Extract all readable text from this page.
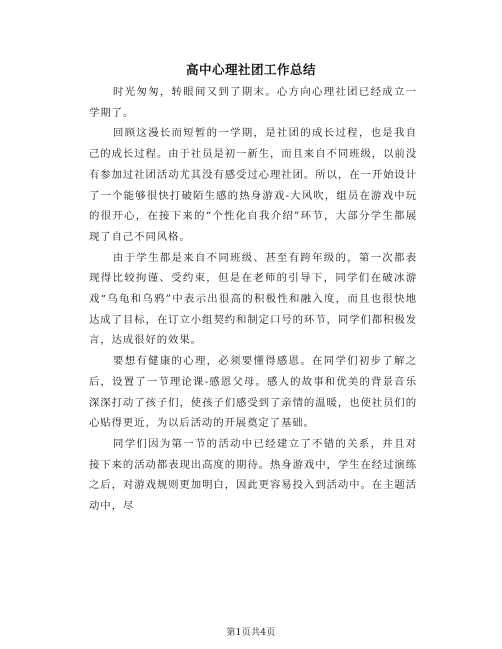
高中心理社团工作总结

时光匆匆，转眼间又到了期末。心方向心理社团已经成立一学期了。

回顾这漫长而短暂的一学期，是社团的成长过程，也是我自己的成长过程。由于社员是初一新生，而且来自不同班级，以前没有参加过社团活动尤其没有感受过心理社团。所以，在一开始设计了一个能够很快打破陌生感的热身游戏-大风吹，组员在游戏中玩的很开心，在接下来的“个性化自我介绍”环节，大部分学生都展现了自己不同风格。

由于学生都是来自不同班级、甚至有跨年级的，第一次都表现得比较拘谨、受约束，但是在老师的引导下，同学们在破冰游戏“乌龟和乌鸦”中表示出很高的积极性和融入度，而且也很快地达成了目标，在订立小组契约和制定口号的环节，同学们都积极发言，达成很好的效果。

要想有健康的心理，必须要懂得感恩。在同学们初步了解之后，设置了一节理论课-感恩父母。感人的故事和优美的背景音乐深深打动了孩子们，使孩子们感受到了亲情的温暖，也使社员们的心贴得更近，为以后活动的开展奠定了基础。

同学们因为第一节的活动中已经建立了不错的关系，并且对接下来的活动都表现出高度的期待。热身游戏中，学生在经过演练之后，对游戏规则更加明白，因此更容易投入到活动中。在主题活动中，尽

第1页共4页
